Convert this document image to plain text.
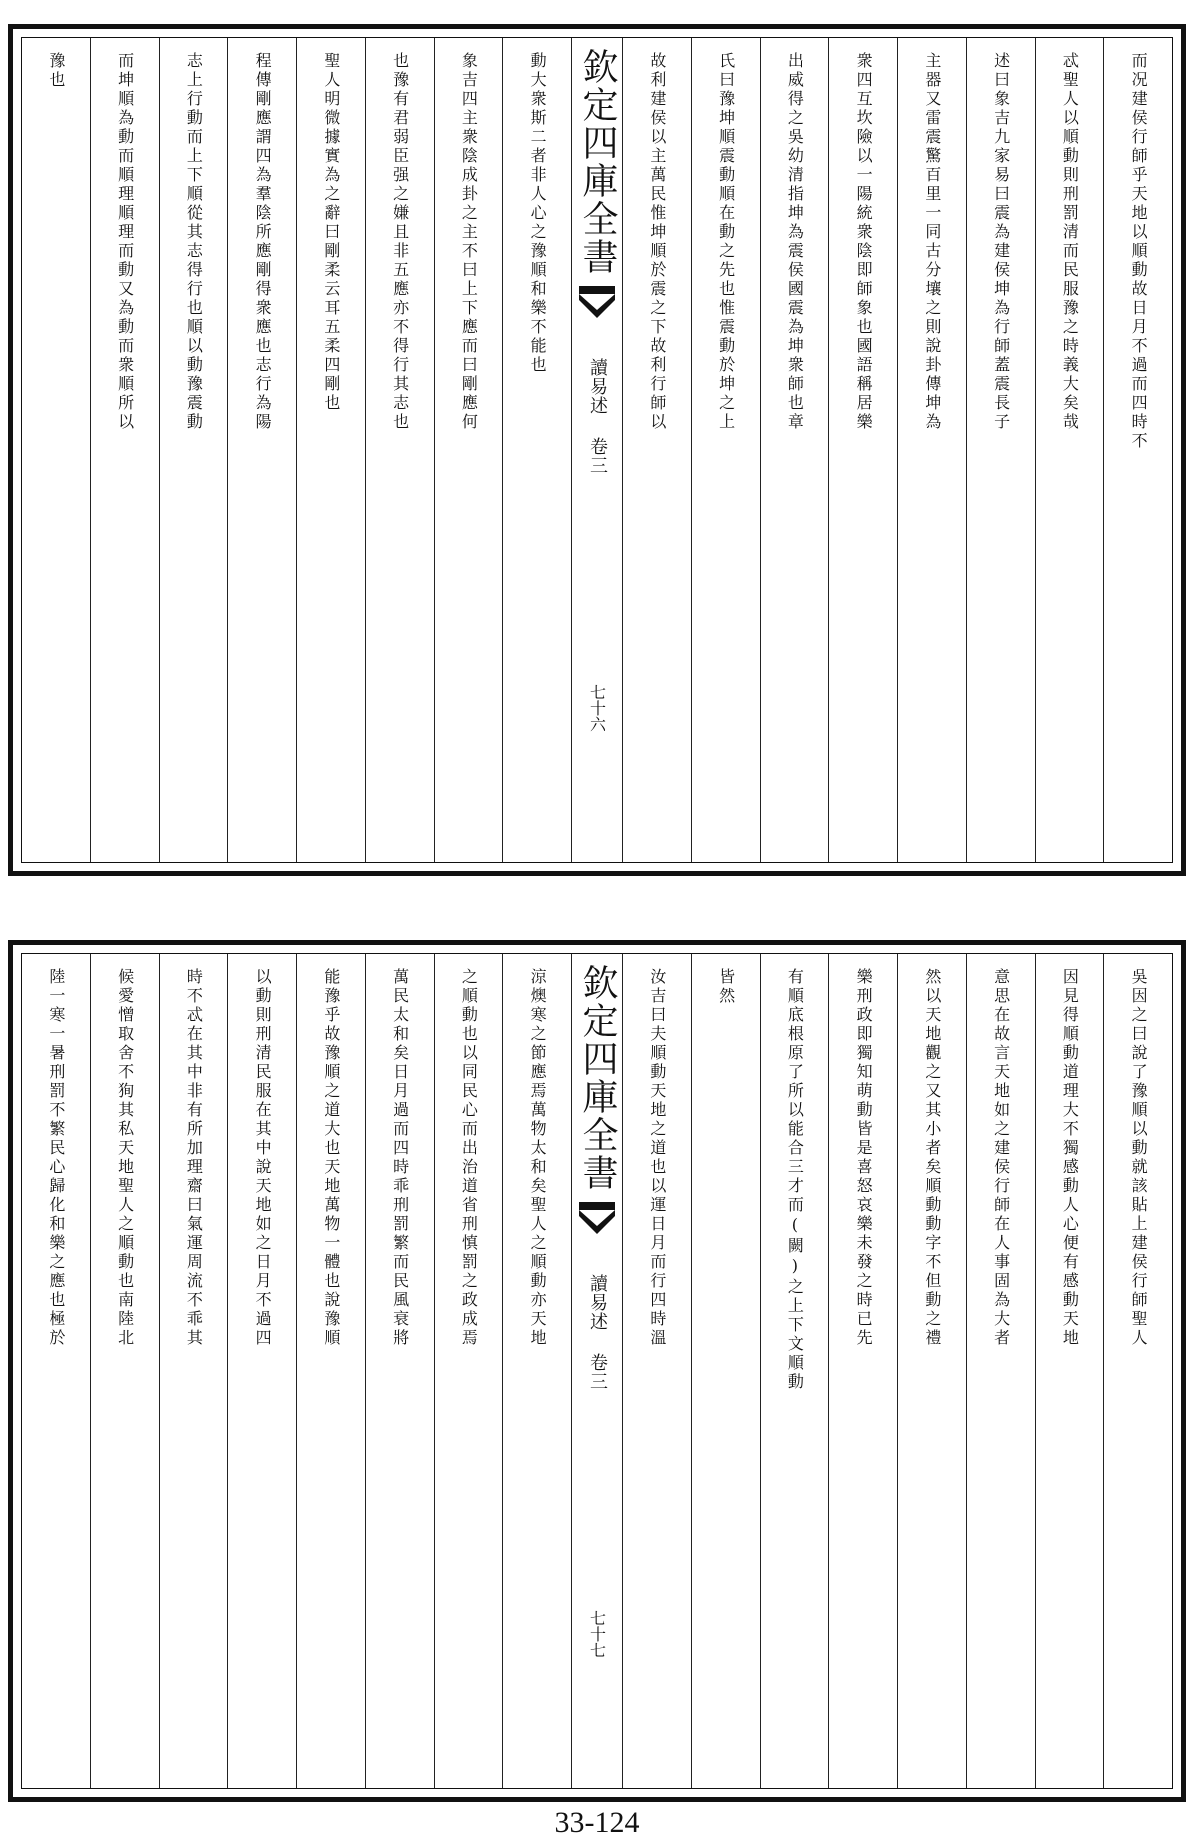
而况建侯行師乎天地以順動故日月不過而四時不
忒聖人以順動則刑罰清而民服豫之時義大矣哉
述曰象吉九家易曰震為建侯坤為行師蓋震長子
主器又雷震驚百里一同古分壤之則說卦傳坤為
衆四互坎險以一陽統衆陰即師象也國語稱居樂
出威得之吳幼清指坤為震侯國震為坤衆師也章
氏曰豫坤順震動順在動之先也惟震動於坤之上
故利建侯以主萬民惟坤順於震之下故利行師以
欽定四庫全書
讀易述 卷三
七十六
動大衆斯二者非人心之豫順和樂不能也
象吉四主衆陰成卦之主不曰上下應而曰剛應何
也豫有君弱臣强之嫌且非五應亦不得行其志也
聖人明微據實為之辭曰剛柔云耳五柔四剛也
程傳剛應謂四為羣陰所應剛得衆應也志行為陽
志上行動而上下順從其志得行也順以動豫震動
而坤順為動而順理順理而動又為動而衆順所以
豫也
吳因之曰說了豫順以動就該貼上建侯行師聖人
因見得順動道理大不獨感動人心便有感動天地
意思在故言天地如之建侯行師在人事固為大者
然以天地觀之又其小者矣順動動字不但動之禮
樂刑政即獨知萌動皆是喜怒哀樂未發之時已先
有順底根原了所以能合三才而(闕)之上下文順動
皆然
汝吉曰夫順動天地之道也以運日月而行四時溫
欽定四庫全書
讀易述 卷三
七十七
涼燠寒之節應焉萬物太和矣聖人之順動亦天地
之順動也以同民心而出治道省刑慎罰之政成焉
萬民太和矣日月過而四時乖刑罰繁而民風衰將
能豫乎故豫順之道大也天地萬物一體也說豫順
以動則刑清民服在其中說天地如之日月不過四
時不忒在其中非有所加理齋曰氣運周流不乖其
候愛憎取舍不狥其私天地聖人之順動也南陸北
陸一寒一暑刑罰不繁民心歸化和樂之應也極於
33-124
